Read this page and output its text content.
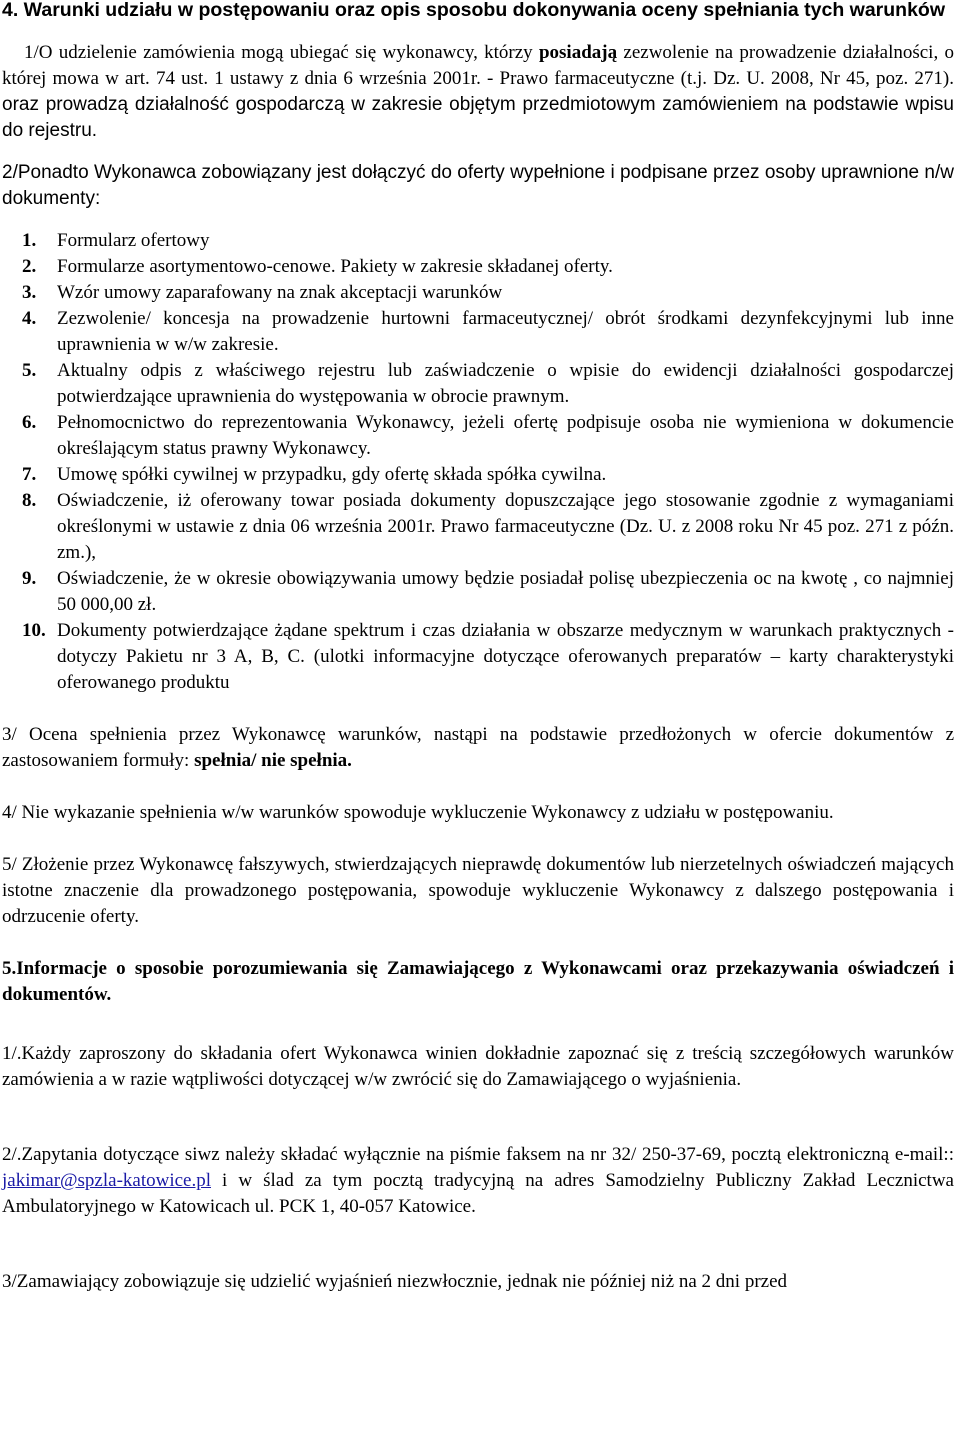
4. Warunki udziału w postępowaniu oraz opis sposobu dokonywania oceny spełniania tych warunków

1/O udzielenie zamówienia mogą ubiegać się wykonawcy, którzy posiadają zezwolenie na prowadzenie działalności, o której mowa w art. 74 ust. 1 ustawy z dnia 6 września 2001r. - Prawo farmaceutyczne (t.j. Dz. U. 2008, Nr 45, poz. 271). oraz prowadzą działalność gospodarczą w zakresie objętym przedmiotowym zamówieniem na podstawie wpisu do rejestru.

2/Ponadto Wykonawca zobowiązany jest dołączyć do oferty wypełnione i podpisane przez osoby uprawnione n/w dokumenty:

1. Formularz ofertowy
2. Formularze asortymentowo-cenowe. Pakiety w zakresie składanej oferty.
3. Wzór umowy zaparafowany na znak akceptacji warunków
4. Zezwolenie/ koncesja na prowadzenie hurtowni farmaceutycznej/ obrót środkami dezynfekcyjnymi lub inne uprawnienia w w/w zakresie.
5. Aktualny odpis z właściwego rejestru lub zaświadczenie o wpisie do ewidencji działalności gospodarczej potwierdzające uprawnienia do występowania w obrocie prawnym.
6. Pełnomocnictwo do reprezentowania Wykonawcy, jeżeli ofertę podpisuje osoba nie wymieniona w dokumencie określającym status prawny Wykonawcy.
7. Umowę spółki cywilnej w przypadku, gdy ofertę składa spółka cywilna.
8. Oświadczenie, iż oferowany towar posiada dokumenty dopuszczające jego stosowanie zgodnie z wymaganiami określonymi w ustawie z dnia 06 września 2001r. Prawo farmaceutyczne (Dz. U. z 2008 roku Nr 45 poz. 271 z późn. zm.),
9. Oświadczenie, że w okresie obowiązywania umowy będzie posiadał polisę ubezpieczenia oc na kwotę , co najmniej 50 000,00 zł.
10. Dokumenty potwierdzające żądane spektrum i czas działania w obszarze medycznym w warunkach praktycznych - dotyczy Pakietu nr 3 A, B, C. (ulotki informacyjne dotyczące oferowanych preparatów – karty charakterystyki oferowanego produktu

3/ Ocena spełnienia przez Wykonawcę warunków, nastąpi na podstawie przedłożonych w ofercie dokumentów z zastosowaniem formuły: spełnia/ nie spełnia.

4/ Nie wykazanie spełnienia w/w warunków spowoduje wykluczenie Wykonawcy z udziału w postępowaniu.

5/ Złożenie przez Wykonawcę fałszywych, stwierdzających nieprawdę dokumentów lub nierzetelnych oświadczeń mających istotne znaczenie dla prowadzonego postępowania, spowoduje wykluczenie Wykonawcy z dalszego postępowania i odrzucenie oferty.

5.Informacje o sposobie porozumiewania się Zamawiającego z Wykonawcami oraz przekazywania oświadczeń i dokumentów.

1/.Każdy zaproszony do składania ofert Wykonawca winien dokładnie zapoznać się z treścią szczegółowych warunków zamówienia a w razie wątpliwości dotyczącej w/w zwrócić się do Zamawiającego o wyjaśnienia.

2/.Zapytania dotyczące siwz należy składać wyłącznie na piśmie faksem na nr 32/ 250-37-69, pocztą elektroniczną e-mail:: jakimar@spzla-katowice.pl i w ślad za tym pocztą tradycyjną na adres Samodzielny Publiczny Zakład Lecznictwa Ambulatoryjnego w Katowicach ul. PCK 1, 40-057 Katowice.

3/Zamawiający zobowiązuje się udzielić wyjaśnień niezwłocznie, jednak nie później niż na 2 dni przed
